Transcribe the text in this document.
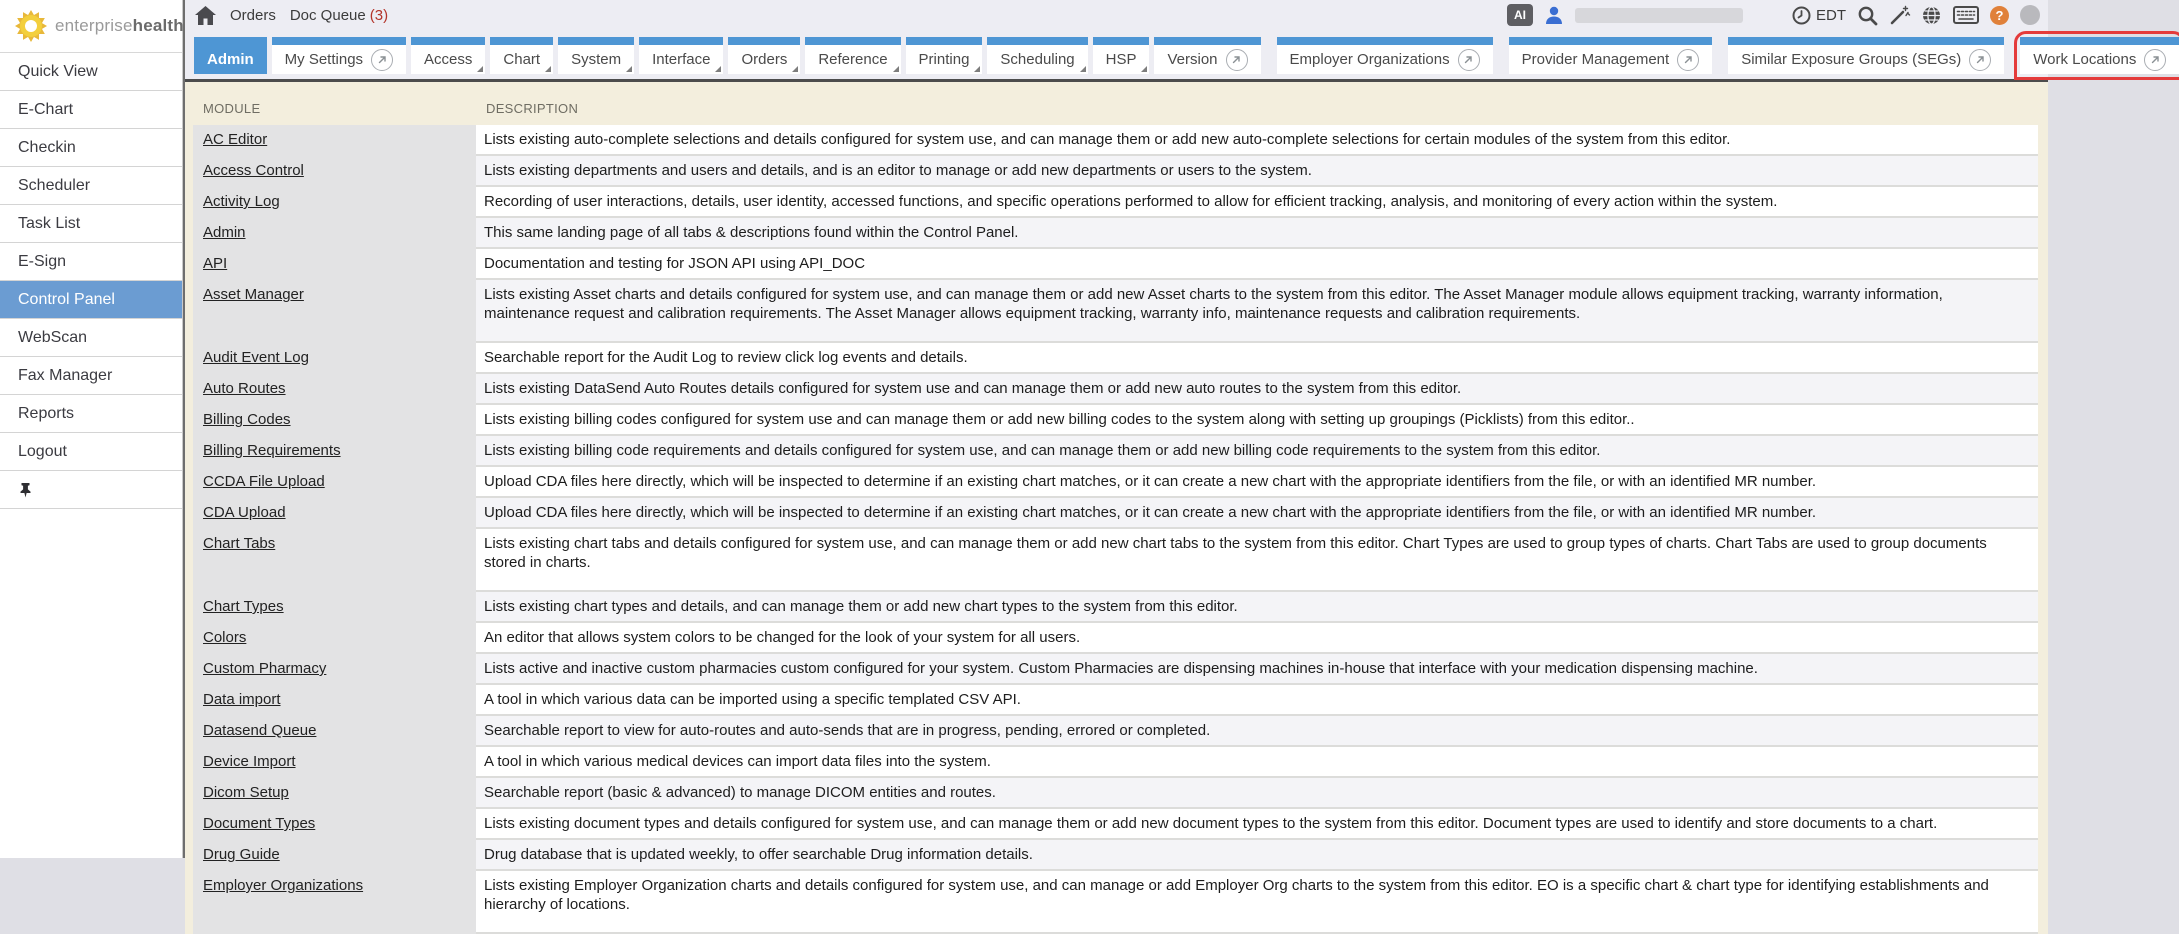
enterprisehealth
Quick View
E-Chart
Checkin
Scheduler
Task List
E-Sign
Control Panel
WebScan
Fax Manager
Reports
Logout
Orders Doc Queue (3)	AI	EDT	?
Admin My Settings	Access Chart System Interface Orders Reference Printing Scheduling HSP Version	Employer Organizations	Provider Management	Similar Exposure Groups (SEGs)	Work Locations
MODULE	DESCRIPTION
AC Editor	Lists existing auto-complete selections and details configured for system use, and can manage them or add new auto-complete selections for certain modules of the system from this editor.
Access Control	Lists existing departments and users and details, and is an editor to manage or add new departments or users to the system.
Activity Log	Recording of user interactions, details, user identity, accessed functions, and specific operations performed to allow for efficient tracking, analysis, and monitoring of every action within the system.
Admin	This same landing page of all tabs & descriptions found within the Control Panel.
API	Documentation and testing for JSON API using API_DOC
Asset Manager	Lists existing Asset charts and details configured for system use, and can manage them or add new Asset charts to the system from this editor. The Asset Manager module allows equipment tracking, warranty information, maintenance request and calibration requirements. The Asset Manager allows equipment tracking, warranty info, maintenance requests and calibration requirements.
Audit Event Log	Searchable report for the Audit Log to review click log events and details.
Auto Routes	Lists existing DataSend Auto Routes details configured for system use and can manage them or add new auto routes to the system from this editor.
Billing Codes	Lists existing billing codes configured for system use and can manage them or add new billing codes to the system along with setting up groupings (Picklists) from this editor..
Billing Requirements	Lists existing billing code requirements and details configured for system use, and can manage them or add new billing code requirements to the system from this editor.
CCDA File Upload	Upload CDA files here directly, which will be inspected to determine if an existing chart matches, or it can create a new chart with the appropriate identifiers from the file, or with an identified MR number.
CDA Upload	Upload CDA files here directly, which will be inspected to determine if an existing chart matches, or it can create a new chart with the appropriate identifiers from the file, or with an identified MR number.
Chart Tabs	Lists existing chart tabs and details configured for system use, and can manage them or add new chart tabs to the system from this editor. Chart Types are used to group types of charts. Chart Tabs are used to group documents stored in charts.
Chart Types	Lists existing chart types and details, and can manage them or add new chart types to the system from this editor.
Colors	An editor that allows system colors to be changed for the look of your system for all users.
Custom Pharmacy	Lists active and inactive custom pharmacies custom configured for your system. Custom Pharmacies are dispensing machines in-house that interface with your medication dispensing machine.
Data import	A tool in which various data can be imported using a specific templated CSV API.
Datasend Queue	Searchable report to view for auto-routes and auto-sends that are in progress, pending, errored or completed.
Device Import	A tool in which various medical devices can import data files into the system.
Dicom Setup	Searchable report (basic & advanced) to manage DICOM entities and routes.
Document Types	Lists existing document types and details configured for system use, and can manage them or add new document types to the system from this editor. Document types are used to identify and store documents to a chart.
Drug Guide	Drug database that is updated weekly, to offer searchable Drug information details.
Employer Organizations	Lists existing Employer Organization charts and details configured for system use, and can manage or add Employer Org charts to the system from this editor. EO is a specific chart & chart type for identifying establishments and hierarchy of locations.
